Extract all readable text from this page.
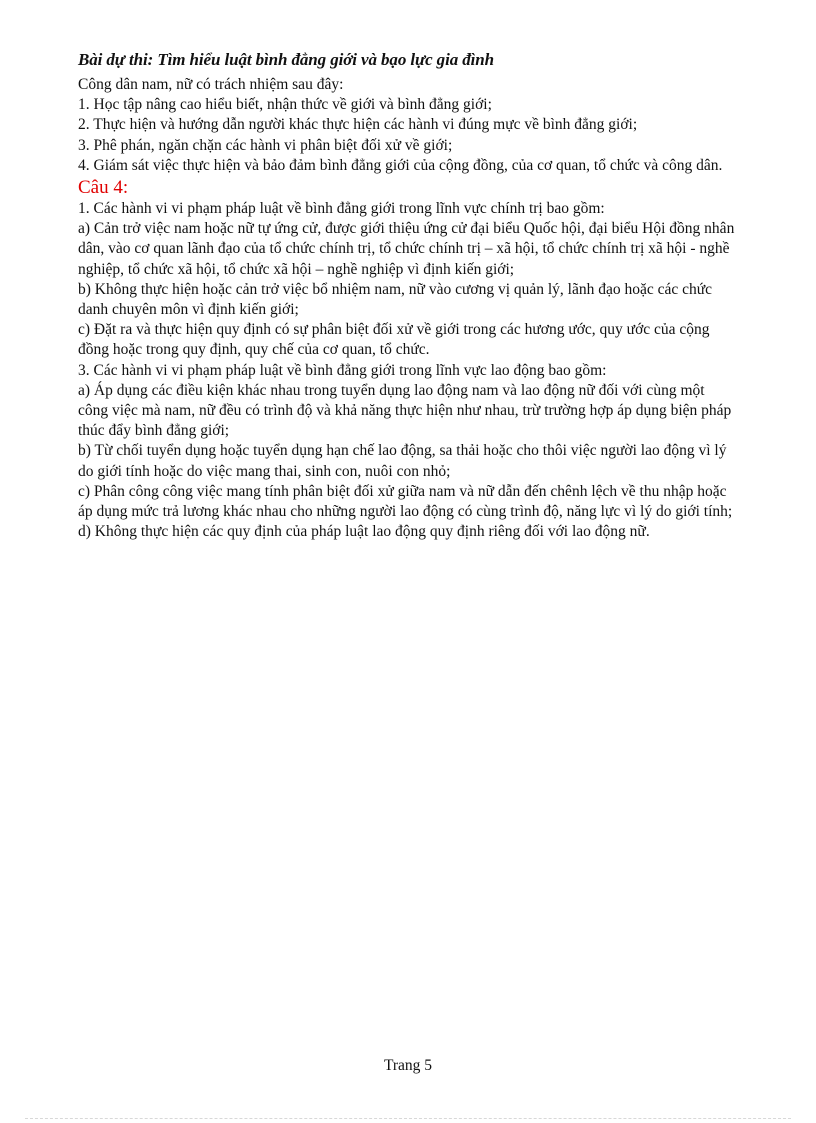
Bài dự thi: Tìm hiểu luật bình đẳng giới và bạo lực gia đình

Công dân nam, nữ có trách nhiệm sau đây:

1. Học tập nâng cao hiểu biết, nhận thức về giới và bình đẳng giới;

2. Thực hiện và hướng dẫn người khác thực hiện các hành vi đúng mực về bình đẳng giới;

3. Phê phán, ngăn chặn các hành vi phân biệt đối xử về giới;

4. Giám sát việc thực hiện và bảo đảm bình đẳng giới của cộng đồng, của cơ quan, tổ chức và công dân.

Câu 4:

1. Các hành vi vi phạm pháp luật về bình đẳng giới trong lĩnh vực chính trị bao gồm:

a) Cản trở việc nam hoặc nữ tự ứng cử, được giới thiệu ứng cử đại biểu Quốc hội, đại biểu Hội đồng nhân dân, vào cơ quan lãnh đạo của tổ chức chính trị, tổ chức chính trị – xã hội, tổ chức chính trị xã hội - nghề nghiệp, tổ chức xã hội, tổ chức xã hội – nghề nghiệp vì định kiến giới;

b) Không thực hiện hoặc cản trở việc bổ nhiệm nam, nữ vào cương vị quản lý, lãnh đạo hoặc các chức danh chuyên môn vì định kiến giới;

c) Đặt ra và thực hiện quy định có sự phân biệt đối xử về giới trong các hương ước, quy ước của cộng đồng hoặc trong quy định, quy chế của cơ quan, tổ chức.

3. Các hành vi vi phạm pháp luật về bình đẳng giới trong lĩnh vực lao động bao gồm:

a) Áp dụng các điều kiện khác nhau trong tuyển dụng lao động nam và lao động nữ đối với cùng một công việc mà nam, nữ đều có trình độ và khả năng thực hiện như nhau, trừ trường hợp áp dụng biện pháp thúc đẩy bình đẳng giới;

b) Từ chối tuyển dụng hoặc tuyển dụng hạn chế lao động, sa thải hoặc cho thôi việc người lao động vì lý do giới tính hoặc do việc mang thai, sinh con, nuôi con nhỏ;

c) Phân công công việc mang tính phân biệt đối xử giữa nam và nữ dẫn đến chênh lệch về thu nhập hoặc áp dụng mức trả lương khác nhau cho những người lao động có cùng trình độ, năng lực vì lý do giới tính;

d) Không thực hiện các quy định của pháp luật lao động quy định riêng đối với lao động nữ.

Trang 5
